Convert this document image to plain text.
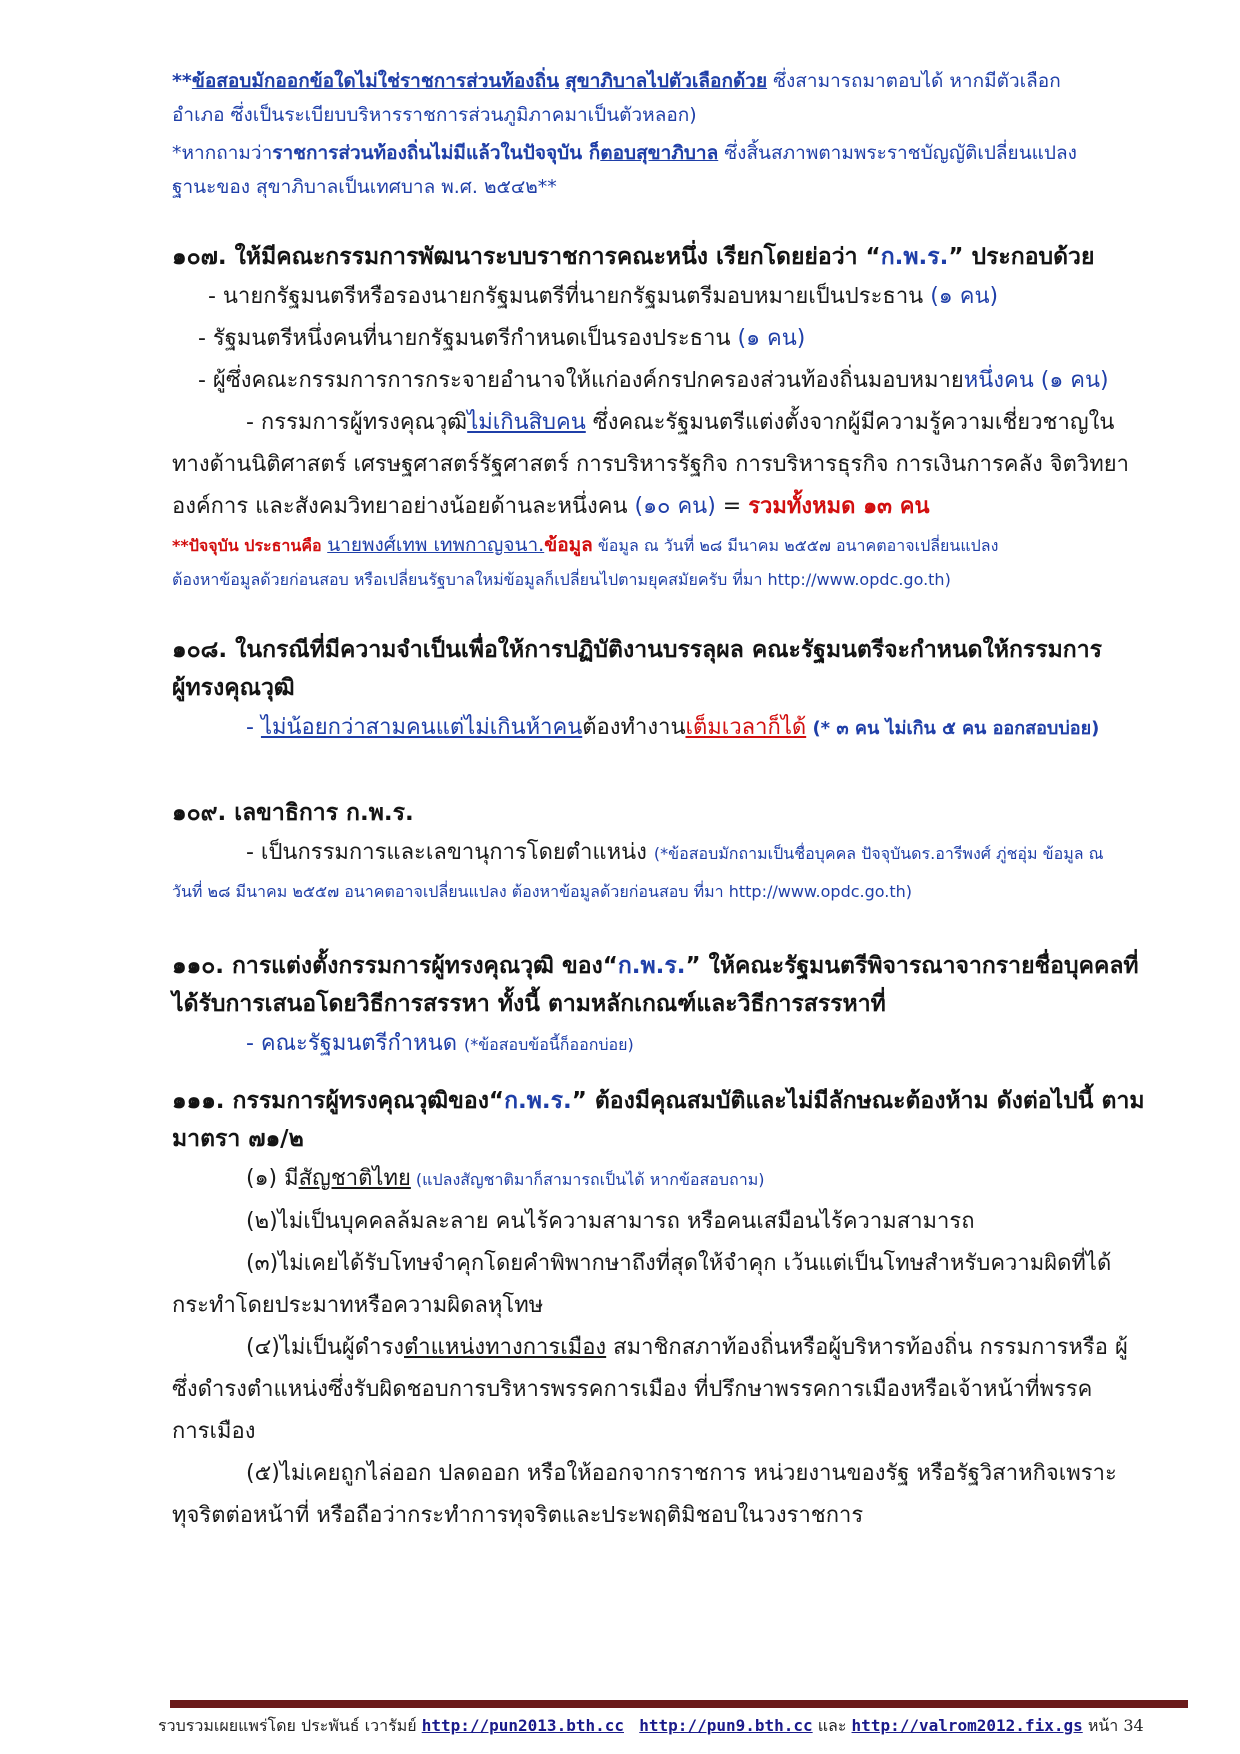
**ข้อสอบมักออกข้อใดไม่ใช่ราชการส่วนท้องถิ่น สุขาภิบาลไปตัวเลือกด้วย ซึ่งสามารถมาตอบได้ หากมีตัวเลือก

อำเภอ ซึ่งเป็นระเบียบบริหารราชการส่วนภูมิภาคมาเป็นตัวหลอก)

*หากถามว่าราชการส่วนท้องถิ่นไม่มีแล้วในปัจจุบัน ก็ตอบสุขาภิบาล ซึ่งสิ้นสภาพตามพระราชบัญญัติเปลี่ยนแปลง

ฐานะของ สุขาภิบาลเป็นเทศบาล พ.ศ. ๒๕๔๒**

๑๐๗. ให้มีคณะกรรมการพัฒนาระบบราชการคณะหนึ่ง เรียกโดยย่อว่า “ก.พ.ร.” ประกอบด้วย

- นายกรัฐมนตรีหรือรองนายกรัฐมนตรีที่นายกรัฐมนตรีมอบหมายเป็นประธาน (๑ คน)

- รัฐมนตรีหนึ่งคนที่นายกรัฐมนตรีกำหนดเป็นรองประธาน (๑ คน)

- ผู้ซึ่งคณะกรรมการการกระจายอำนาจให้แก่องค์กรปกครองส่วนท้องถิ่นมอบหมายหนึ่งคน (๑ คน)

- กรรมการผู้ทรงคุณวุฒิไม่เกินสิบคน ซึ่งคณะรัฐมนตรีแต่งตั้งจากผู้มีความรู้ความเชี่ยวชาญใน

ทางด้านนิติศาสตร์ เศรษฐศาสตร์รัฐศาสตร์ การบริหารรัฐกิจ การบริหารธุรกิจ การเงินการคลัง จิตวิทยา

องค์การ และสังคมวิทยาอย่างน้อยด้านละหนึ่งคน (๑๐ คน) = รวมทั้งหมด ๑๓ คน

**ปัจจุบัน ประธานคือ นายพงศ์เทพ เทพกาญจนา.ข้อมูล ข้อมูล ณ วันที่ ๒๘ มีนาคม ๒๕๕๗ อนาคตอาจเปลี่ยนแปลง

ต้องหาข้อมูลด้วยก่อนสอบ หรือเปลี่ยนรัฐบาลใหม่ข้อมูลก็เปลี่ยนไปตามยุคสมัยครับ ที่มา http://www.opdc.go.th)

๑๐๘. ในกรณีที่มีความจำเป็นเพื่อให้การปฏิบัติงานบรรลุผล คณะรัฐมนตรีจะกำหนดให้กรรมการ

ผู้ทรงคุณวุฒิ

- ไม่น้อยกว่าสามคนแต่ไม่เกินห้าคนต้องทำงานเต็มเวลาก็ได้ (* ๓ คน ไม่เกิน ๕ คน ออกสอบบ่อย)

๑๐๙. เลขาธิการ ก.พ.ร.

- เป็นกรรมการและเลขานุการโดยตำแหน่ง (*ข้อสอบมักถามเป็นชื่อบุคคล ปัจจุบันดร.อารีพงศ์ ภู่ชอุ่ม ข้อมูล ณ

วันที่ ๒๘ มีนาคม ๒๕๕๗ อนาคตอาจเปลี่ยนแปลง ต้องหาข้อมูลด้วยก่อนสอบ ที่มา http://www.opdc.go.th)

๑๑๐. การแต่งตั้งกรรมการผู้ทรงคุณวุฒิ ของ“ก.พ.ร.” ให้คณะรัฐมนตรีพิจารณาจากรายชื่อบุคคลที่

ได้รับการเสนอโดยวิธีการสรรหา ทั้งนี้ ตามหลักเกณฑ์และวิธีการสรรหาที่

- คณะรัฐมนตรีกำหนด (*ข้อสอบข้อนี้ก็ออกบ่อย)

๑๑๑. กรรมการผู้ทรงคุณวุฒิของ“ก.พ.ร.” ต้องมีคุณสมบัติและไม่มีลักษณะต้องห้าม ดังต่อไปนี้ ตาม

มาตรา ๗๑/๒

(๑) มีสัญชาติไทย (แปลงสัญชาติมาก็สามารถเป็นได้ หากข้อสอบถาม)

(๒)ไม่เป็นบุคคลล้มละลาย คนไร้ความสามารถ หรือคนเสมือนไร้ความสามารถ

(๓)ไม่เคยได้รับโทษจำคุกโดยคำพิพากษาถึงที่สุดให้จำคุก เว้นแต่เป็นโทษสำหรับความผิดที่ได้

กระทำโดยประมาทหรือความผิดลหุโทษ

(๔)ไม่เป็นผู้ดำรงตำแหน่งทางการเมือง สมาชิกสภาท้องถิ่นหรือผู้บริหารท้องถิ่น กรรมการหรือ ผู้

ซึ่งดำรงตำแหน่งซึ่งรับผิดชอบการบริหารพรรคการเมือง ที่ปรึกษาพรรคการเมืองหรือเจ้าหน้าที่พรรค

การเมือง

(๕)ไม่เคยถูกไล่ออก ปลดออก หรือให้ออกจากราชการ หน่วยงานของรัฐ หรือรัฐวิสาหกิจเพราะ

ทุจริตต่อหน้าที่ หรือถือว่ากระทำการทุจริตและประพฤติมิชอบในวงราชการ

รวบรวมเผยแพร่โดย ประพันธ์ เวารัมย์ http://pun2013.bth.cc http://pun9.bth.cc และ http://valrom2012.fix.gs หน้า 34
